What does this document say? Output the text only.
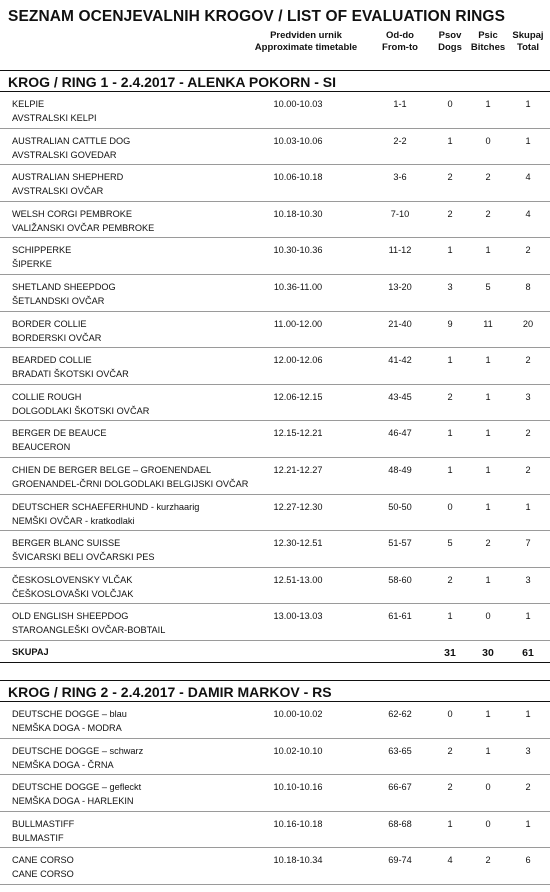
SEZNAM OCENJEVALNIH KROGOV / LIST OF EVALUATION RINGS
Predviden urnik
Approximate timetable
Od-do
From-to
Psov
Dogs
Psic
Bitches
Skupaj
Total
KROG / RING 1 - 2.4.2017 - ALENKA POKORN - SI
KELPIE
AVSTRALSKI KELPI
10.00-10.03	1-1	0	1	1
AUSTRALIAN CATTLE DOG
AVSTRALSKI GOVEDAR
10.03-10.06	2-2	1	0	1
AUSTRALIAN SHEPHERD
AVSTRALSKI OVČAR
10.06-10.18	3-6	2	2	4
WELSH CORGI PEMBROKE
VALIŽANSKI OVČAR PEMBROKE
10.18-10.30	7-10	2	2	4
SCHIPPERKE
ŠIPERKE
10.30-10.36	11-12	1	1	2
SHETLAND SHEEPDOG
ŠETLANDSKI OVČAR
10.36-11.00	13-20	3	5	8
BORDER COLLIE
BORDERSKI OVČAR
11.00-12.00	21-40	9	11	20
BEARDED COLLIE
BRADATI ŠKOTSKI OVČAR
12.00-12.06	41-42	1	1	2
COLLIE ROUGH
DOLGODLAKI ŠKOTSKI OVČAR
12.06-12.15	43-45	2	1	3
BERGER DE BEAUCE
BEAUCERON
12.15-12.21	46-47	1	1	2
CHIEN DE BERGER BELGE – GROENENDAEL
GROENANDEL-ČRNI DOLGODLAKI BELGIJSKI OVČAR
12.21-12.27	48-49	1	1	2
DEUTSCHER SCHAEFERHUND - kurzhaarig
NEMŠKI OVČAR - kratkodlaki
12.27-12.30	50-50	0	1	1
BERGER BLANC SUISSE
ŠVICARSKI BELI OVČARSKI PES
12.30-12.51	51-57	5	2	7
ČESKOSLOVENSKY VLČAK
ČEŠKOSLOVAŠKI VOLČJAK
12.51-13.00	58-60	2	1	3
OLD ENGLISH SHEEPDOG
STAROANGLEŠKI OVČAR-BOBTAIL
13.00-13.03	61-61	1	0	1
SKUPAJ	31	30	61
KROG / RING 2 - 2.4.2017 - DAMIR MARKOV - RS
DEUTSCHE DOGGE – blau
NEMŠKA DOGA - MODRA
10.00-10.02	62-62	0	1	1
DEUTSCHE DOGGE – schwarz
NEMŠKA DOGA - ČRNA
10.02-10.10	63-65	2	1	3
DEUTSCHE DOGGE – gefleckt
NEMŠKA DOGA - HARLEKIN
10.10-10.16	66-67	2	0	2
BULLMASTIFF
BULMASTIF
10.16-10.18	68-68	1	0	1
CANE CORSO
CANE CORSO
10.18-10.34	69-74	4	2	6
